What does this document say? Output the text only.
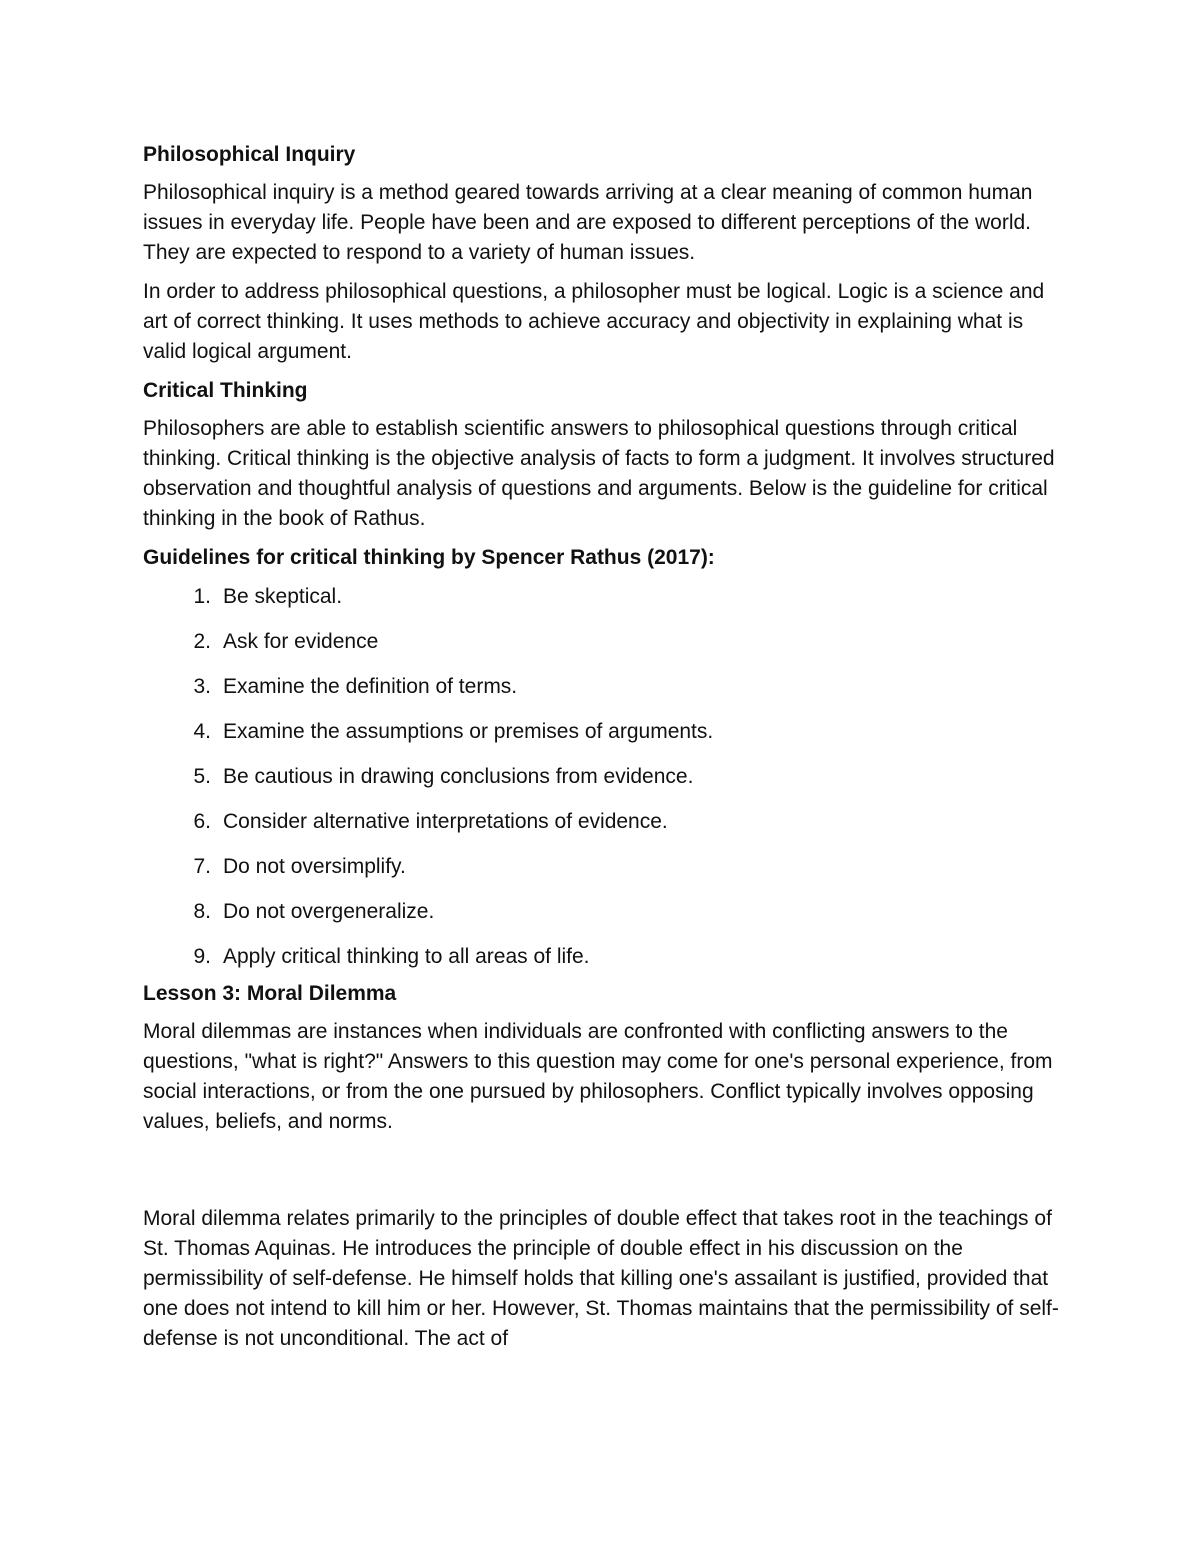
Philosophical Inquiry

Philosophical inquiry is a method geared towards arriving at a clear meaning of common human issues in everyday life. People have been and are exposed to different perceptions of the world. They are expected to respond to a variety of human issues.

In order to address philosophical questions, a philosopher must be logical. Logic is a science and art of correct thinking. It uses methods to achieve accuracy and objectivity in explaining what is valid logical argument.

Critical Thinking

Philosophers are able to establish scientific answers to philosophical questions through critical thinking. Critical thinking is the objective analysis of facts to form a judgment. It involves structured observation and thoughtful analysis of questions and arguments. Below is the guideline for critical thinking in the book of Rathus.

Guidelines for critical thinking by Spencer Rathus (2017):
1. Be skeptical.
2. Ask for evidence
3. Examine the definition of terms.
4. Examine the assumptions or premises of arguments.
5. Be cautious in drawing conclusions from evidence.
6. Consider alternative interpretations of evidence.
7. Do not oversimplify.
8. Do not overgeneralize.
9. Apply critical thinking to all areas of life.
Lesson 3: Moral Dilemma

Moral dilemmas are instances when individuals are confronted with conflicting answers to the questions, "what is right?" Answers to this question may come for one's personal experience, from social interactions, or from the one pursued by philosophers. Conflict typically involves opposing values, beliefs, and norms.

Moral dilemma relates primarily to the principles of double effect that takes root in the teachings of St. Thomas Aquinas. He introduces the principle of double effect in his discussion on the permissibility of self-defense. He himself holds that killing one's assailant is justified, provided that one does not intend to kill him or her. However, St. Thomas maintains that the permissibility of self-defense is not unconditional. The act of
